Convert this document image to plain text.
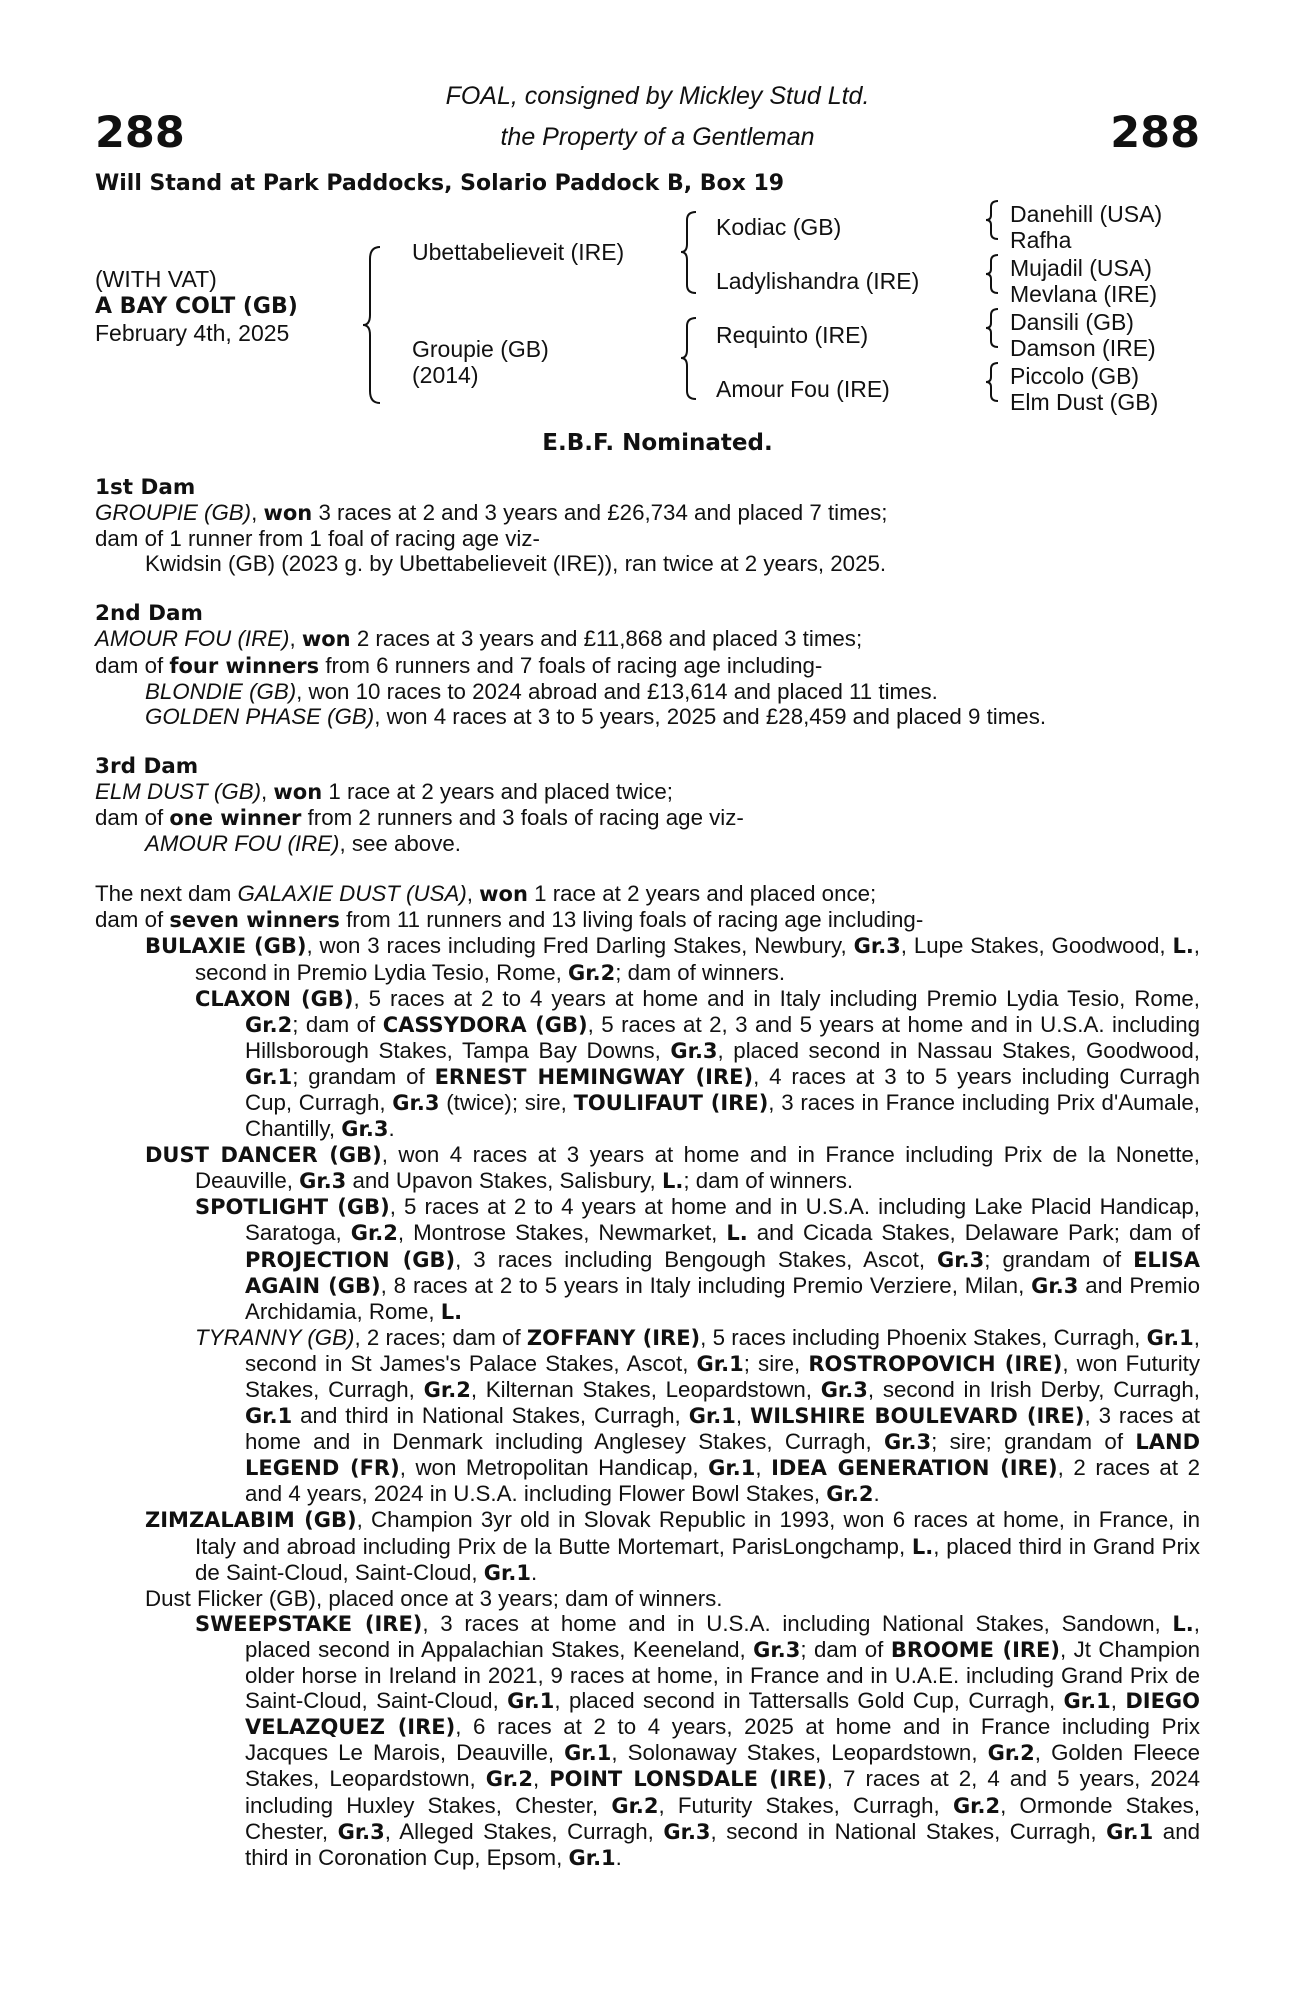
288	288
FOAL, consigned by Mickley Stud Ltd.
the Property of a Gentleman
Will Stand at Park Paddocks, Solario Paddock B, Box 19
(WITH VAT)
A BAY COLT (GB)
February 4th, 2025
Ubettabelieveit (IRE)
Groupie (GB)
(2014)
Kodiac (GB)
Ladylishandra (IRE)
Requinto (IRE)
Amour Fou (IRE)
Danehill (USA)
Rafha
Mujadil (USA)
Mevlana (IRE)
Dansili (GB)
Damson (IRE)
Piccolo (GB)
Elm Dust (GB)
E.B.F. Nominated.
1st Dam
GROUPIE (GB), won 3 races at 2 and 3 years and £26,734 and placed 7 times;
dam of 1 runner from 1 foal of racing age viz-
Kwidsin (GB) (2023 g. by Ubettabelieveit (IRE)), ran twice at 2 years, 2025.
2nd Dam
AMOUR FOU (IRE), won 2 races at 3 years and £11,868 and placed 3 times;
dam of four winners from 6 runners and 7 foals of racing age including-
BLONDIE (GB), won 10 races to 2024 abroad and £13,614 and placed 11 times.
GOLDEN PHASE (GB), won 4 races at 3 to 5 years, 2025 and £28,459 and placed 9 times.
3rd Dam
ELM DUST (GB), won 1 race at 2 years and placed twice;
dam of one winner from 2 runners and 3 foals of racing age viz-
AMOUR FOU (IRE), see above.
The next dam GALAXIE DUST (USA), won 1 race at 2 years and placed once;
dam of seven winners from 11 runners and 13 living foals of racing age including-
BULAXIE (GB), won 3 races including Fred Darling Stakes, Newbury, Gr.3, Lupe Stakes, Goodwood, L., second in Premio Lydia Tesio, Rome, Gr.2; dam of winners.
CLAXON (GB), 5 races at 2 to 4 years at home and in Italy including Premio Lydia Tesio, Rome, Gr.2; dam of CASSYDORA (GB), 5 races at 2, 3 and 5 years at home and in U.S.A. including Hillsborough Stakes, Tampa Bay Downs, Gr.3, placed second in Nassau Stakes, Goodwood, Gr.1; grandam of ERNEST HEMINGWAY (IRE), 4 races at 3 to 5 years including Curragh Cup, Curragh, Gr.3 (twice); sire, TOULIFAUT (IRE), 3 races in France including Prix d'Aumale, Chantilly, Gr.3.
DUST DANCER (GB), won 4 races at 3 years at home and in France including Prix de la Nonette, Deauville, Gr.3 and Upavon Stakes, Salisbury, L.; dam of winners.
SPOTLIGHT (GB), 5 races at 2 to 4 years at home and in U.S.A. including Lake Placid Handicap, Saratoga, Gr.2, Montrose Stakes, Newmarket, L. and Cicada Stakes, Delaware Park; dam of PROJECTION (GB), 3 races including Bengough Stakes, Ascot, Gr.3; grandam of ELISA AGAIN (GB), 8 races at 2 to 5 years in Italy including Premio Verziere, Milan, Gr.3 and Premio Archidamia, Rome, L.
TYRANNY (GB), 2 races; dam of ZOFFANY (IRE), 5 races including Phoenix Stakes, Curragh, Gr.1, second in St James's Palace Stakes, Ascot, Gr.1; sire, ROSTROPOVICH (IRE), won Futurity Stakes, Curragh, Gr.2, Kilternan Stakes, Leopardstown, Gr.3, second in Irish Derby, Curragh, Gr.1 and third in National Stakes, Curragh, Gr.1, WILSHIRE BOULEVARD (IRE), 3 races at home and in Denmark including Anglesey Stakes, Curragh, Gr.3; sire; grandam of LAND LEGEND (FR), won Metropolitan Handicap, Gr.1, IDEA GENERATION (IRE), 2 races at 2 and 4 years, 2024 in U.S.A. including Flower Bowl Stakes, Gr.2.
ZIMZALABIM (GB), Champion 3yr old in Slovak Republic in 1993, won 6 races at home, in France, in Italy and abroad including Prix de la Butte Mortemart, ParisLongchamp, L., placed third in Grand Prix de Saint-Cloud, Saint-Cloud, Gr.1.
Dust Flicker (GB), placed once at 3 years; dam of winners.
SWEEPSTAKE (IRE), 3 races at home and in U.S.A. including National Stakes, Sandown, L., placed second in Appalachian Stakes, Keeneland, Gr.3; dam of BROOME (IRE), Jt Champion older horse in Ireland in 2021, 9 races at home, in France and in U.A.E. including Grand Prix de Saint-Cloud, Saint-Cloud, Gr.1, placed second in Tattersalls Gold Cup, Curragh, Gr.1, DIEGO VELAZQUEZ (IRE), 6 races at 2 to 4 years, 2025 at home and in France including Prix Jacques Le Marois, Deauville, Gr.1, Solonaway Stakes, Leopardstown, Gr.2, Golden Fleece Stakes, Leopardstown, Gr.2, POINT LONSDALE (IRE), 7 races at 2, 4 and 5 years, 2024 including Huxley Stakes, Chester, Gr.2, Futurity Stakes, Curragh, Gr.2, Ormonde Stakes, Chester, Gr.3, Alleged Stakes, Curragh, Gr.3, second in National Stakes, Curragh, Gr.1 and third in Coronation Cup, Epsom, Gr.1.
